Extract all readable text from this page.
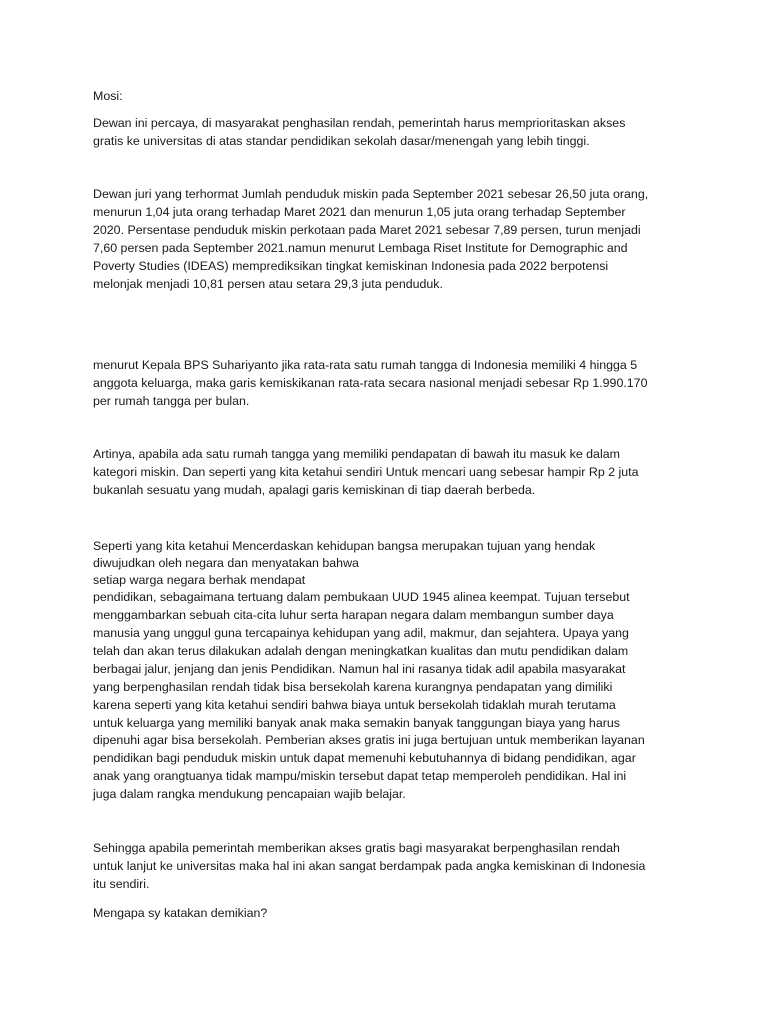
Mosi:
Dewan ini percaya, di masyarakat penghasilan rendah, pemerintah harus memprioritaskan akses
gratis ke universitas di atas standar pendidikan sekolah dasar/menengah yang lebih tinggi.
Dewan juri yang terhormat Jumlah penduduk miskin pada September 2021 sebesar 26,50 juta orang,
menurun 1,04 juta orang terhadap Maret 2021 dan menurun 1,05 juta orang terhadap September
2020. Persentase penduduk miskin perkotaan pada Maret 2021 sebesar 7,89 persen, turun menjadi
7,60 persen pada September 2021.namun menurut Lembaga Riset Institute for Demographic and
Poverty Studies (IDEAS) memprediksikan tingkat kemiskinan Indonesia pada 2022 berpotensi
melonjak menjadi 10,81 persen atau setara 29,3 juta penduduk.
menurut Kepala BPS Suhariyanto jika rata-rata satu rumah tangga di Indonesia memiliki 4 hingga 5
anggota keluarga, maka garis kemiskikanan rata-rata secara nasional menjadi sebesar Rp 1.990.170
per rumah tangga per bulan.
Artinya, apabila ada satu rumah tangga yang memiliki pendapatan di bawah itu masuk ke dalam
kategori miskin. Dan seperti yang kita ketahui sendiri Untuk mencari uang sebesar hampir Rp 2 juta
bukanlah sesuatu yang mudah, apalagi garis kemiskinan di tiap daerah berbeda.
Seperti yang kita ketahui Mencerdaskan kehidupan bangsa merupakan tujuan yang hendak
diwujudkan oleh negara dan menyatakan bahwa
setiap warga negara berhak mendapat
pendidikan, sebagaimana tertuang dalam pembukaan UUD 1945 alinea keempat. Tujuan tersebut
menggambarkan sebuah cita-cita luhur serta harapan negara dalam membangun sumber daya
manusia yang unggul guna tercapainya kehidupan yang adil, makmur, dan sejahtera. Upaya yang
telah dan akan terus dilakukan adalah dengan meningkatkan kualitas dan mutu pendidikan dalam
berbagai jalur, jenjang dan jenis Pendidikan. Namun hal ini rasanya tidak adil apabila masyarakat
yang berpenghasilan rendah tidak bisa bersekolah karena kurangnya pendapatan yang dimiliki
karena seperti yang kita ketahui sendiri bahwa biaya untuk bersekolah tidaklah murah terutama
untuk keluarga yang memiliki banyak anak maka semakin banyak tanggungan biaya yang harus
dipenuhi agar bisa bersekolah. Pemberian akses gratis ini juga bertujuan untuk memberikan layanan
pendidikan bagi penduduk miskin untuk dapat memenuhi kebutuhannya di bidang pendidikan, agar
anak yang orangtuanya tidak mampu/miskin tersebut dapat tetap memperoleh pendidikan. Hal ini
juga dalam rangka mendukung pencapaian wajib belajar.
Sehingga apabila pemerintah memberikan akses gratis bagi masyarakat berpenghasilan rendah
untuk lanjut ke universitas maka hal ini akan sangat berdampak pada angka kemiskinan di Indonesia
itu sendiri.
Mengapa sy katakan demikian?
